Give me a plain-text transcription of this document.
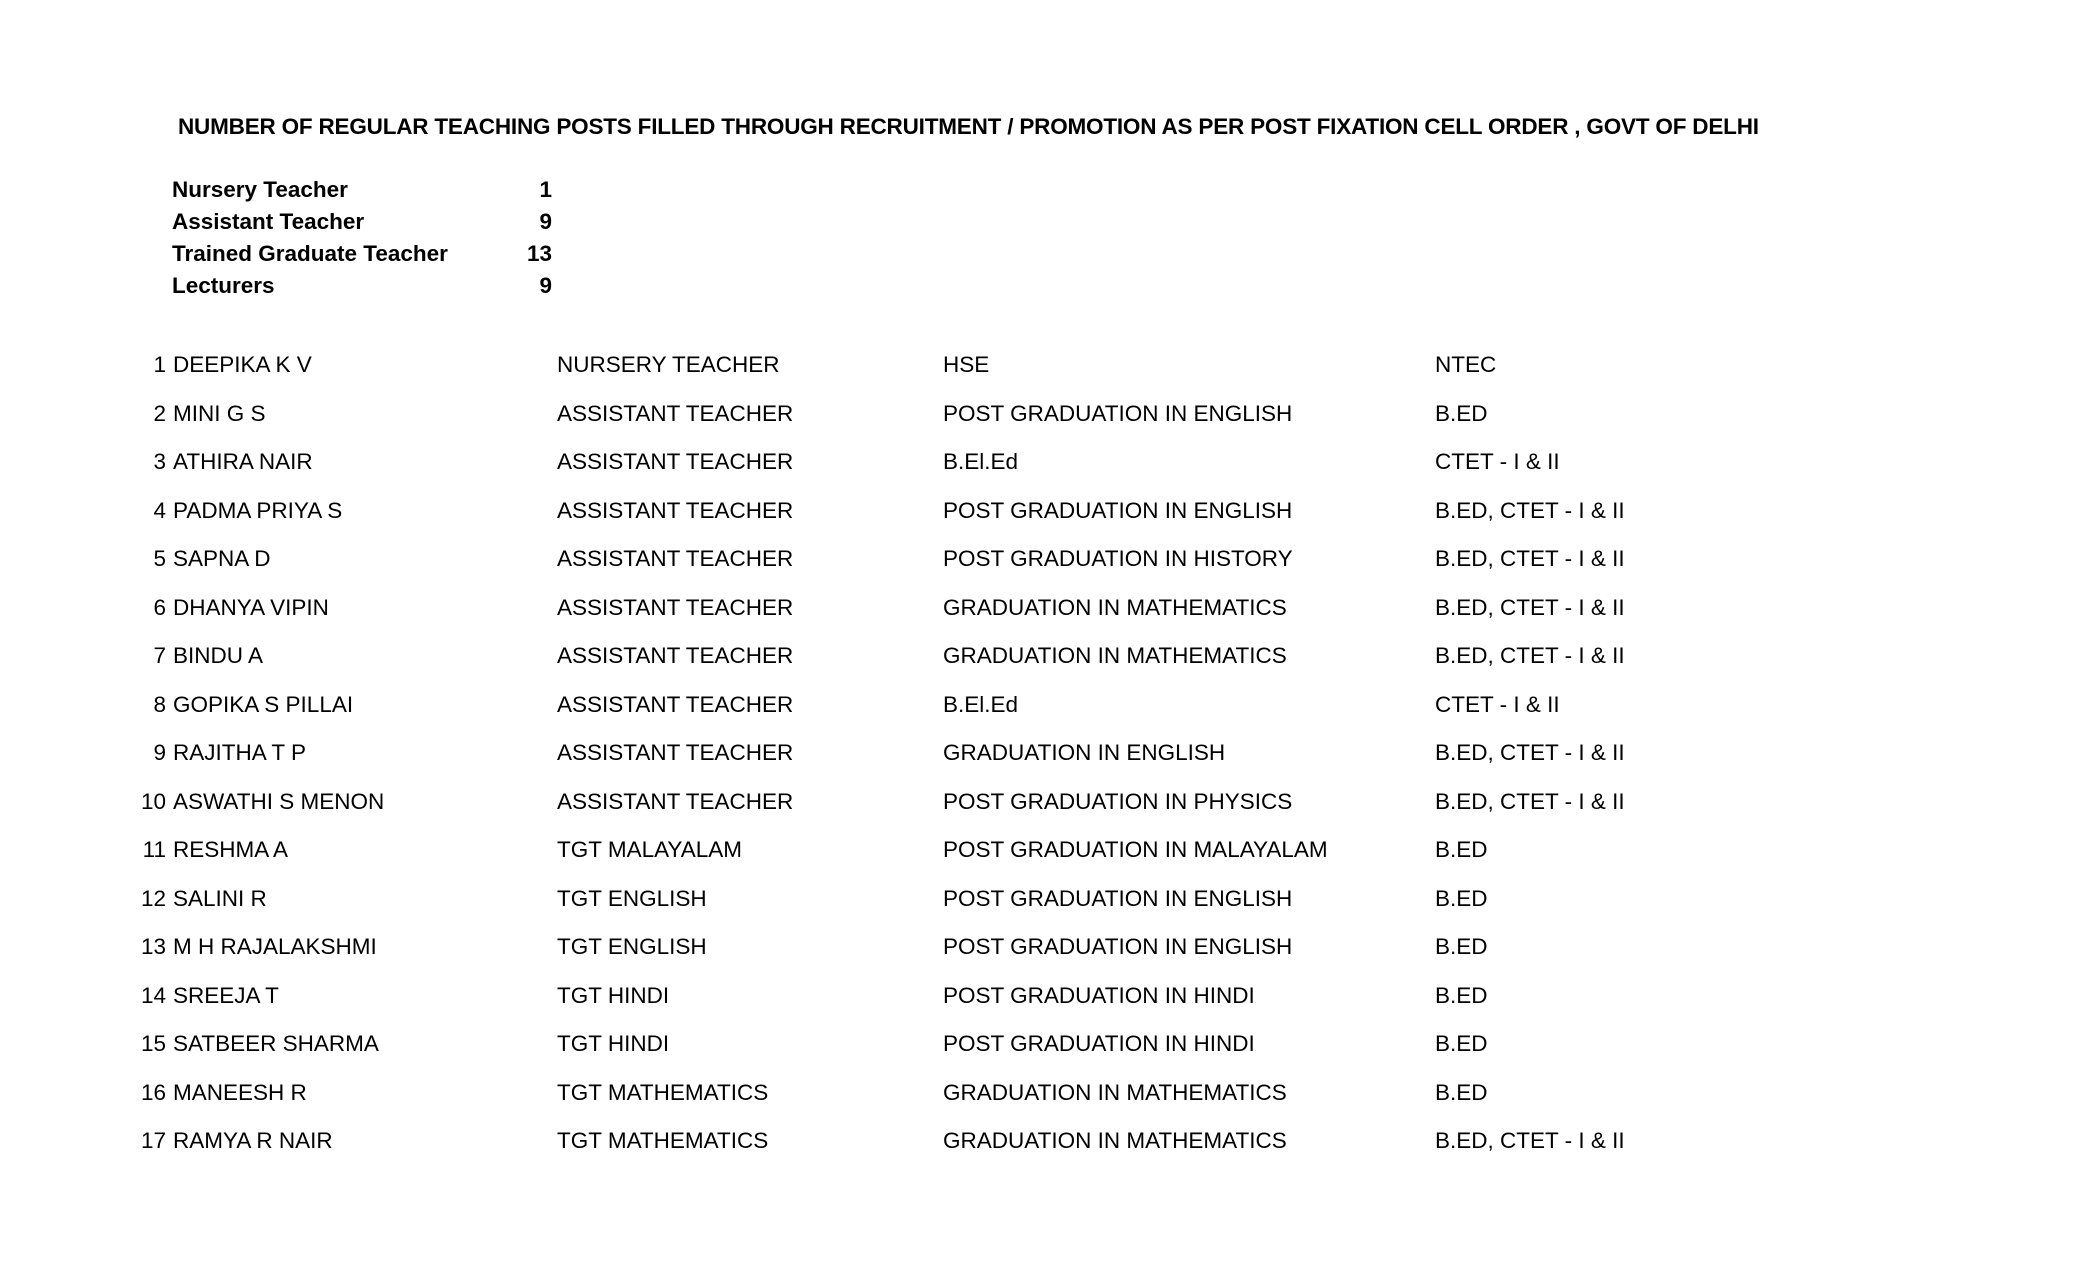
NUMBER OF REGULAR TEACHING POSTS FILLED THROUGH RECRUITMENT / PROMOTION AS PER POST FIXATION CELL ORDER , GOVT OF DELHI
Nursery Teacher	1
Assistant Teacher	9
Trained Graduate Teacher	13
Lecturers	9
1 DEEPIKA K V	NURSERY TEACHER	HSE	NTEC
2 MINI G S	ASSISTANT TEACHER	POST GRADUATION IN ENGLISH	B.ED
3 ATHIRA NAIR	ASSISTANT TEACHER	B.El.Ed	CTET - I & II
4 PADMA PRIYA S	ASSISTANT TEACHER	POST GRADUATION IN ENGLISH	B.ED, CTET - I & II
5 SAPNA D	ASSISTANT TEACHER	POST GRADUATION IN HISTORY	B.ED, CTET - I & II
6 DHANYA VIPIN	ASSISTANT TEACHER	GRADUATION IN MATHEMATICS	B.ED, CTET - I & II
7 BINDU A	ASSISTANT TEACHER	GRADUATION IN MATHEMATICS	B.ED, CTET - I & II
8 GOPIKA S PILLAI	ASSISTANT TEACHER	B.El.Ed	CTET - I & II
9 RAJITHA T P	ASSISTANT TEACHER	GRADUATION IN ENGLISH	B.ED, CTET - I & II
10 ASWATHI S MENON	ASSISTANT TEACHER	POST GRADUATION IN PHYSICS	B.ED, CTET - I & II
11 RESHMA A	TGT MALAYALAM	POST GRADUATION IN MALAYALAM	B.ED
12 SALINI R	TGT ENGLISH	POST GRADUATION IN ENGLISH	B.ED
13 M H RAJALAKSHMI	TGT ENGLISH	POST GRADUATION IN ENGLISH	B.ED
14 SREEJA T	TGT HINDI	POST GRADUATION IN HINDI	B.ED
15 SATBEER SHARMA	TGT HINDI	POST GRADUATION IN HINDI	B.ED
16 MANEESH R	TGT MATHEMATICS	GRADUATION IN MATHEMATICS	B.ED
17 RAMYA R NAIR	TGT MATHEMATICS	GRADUATION IN MATHEMATICS	B.ED, CTET - I & II
